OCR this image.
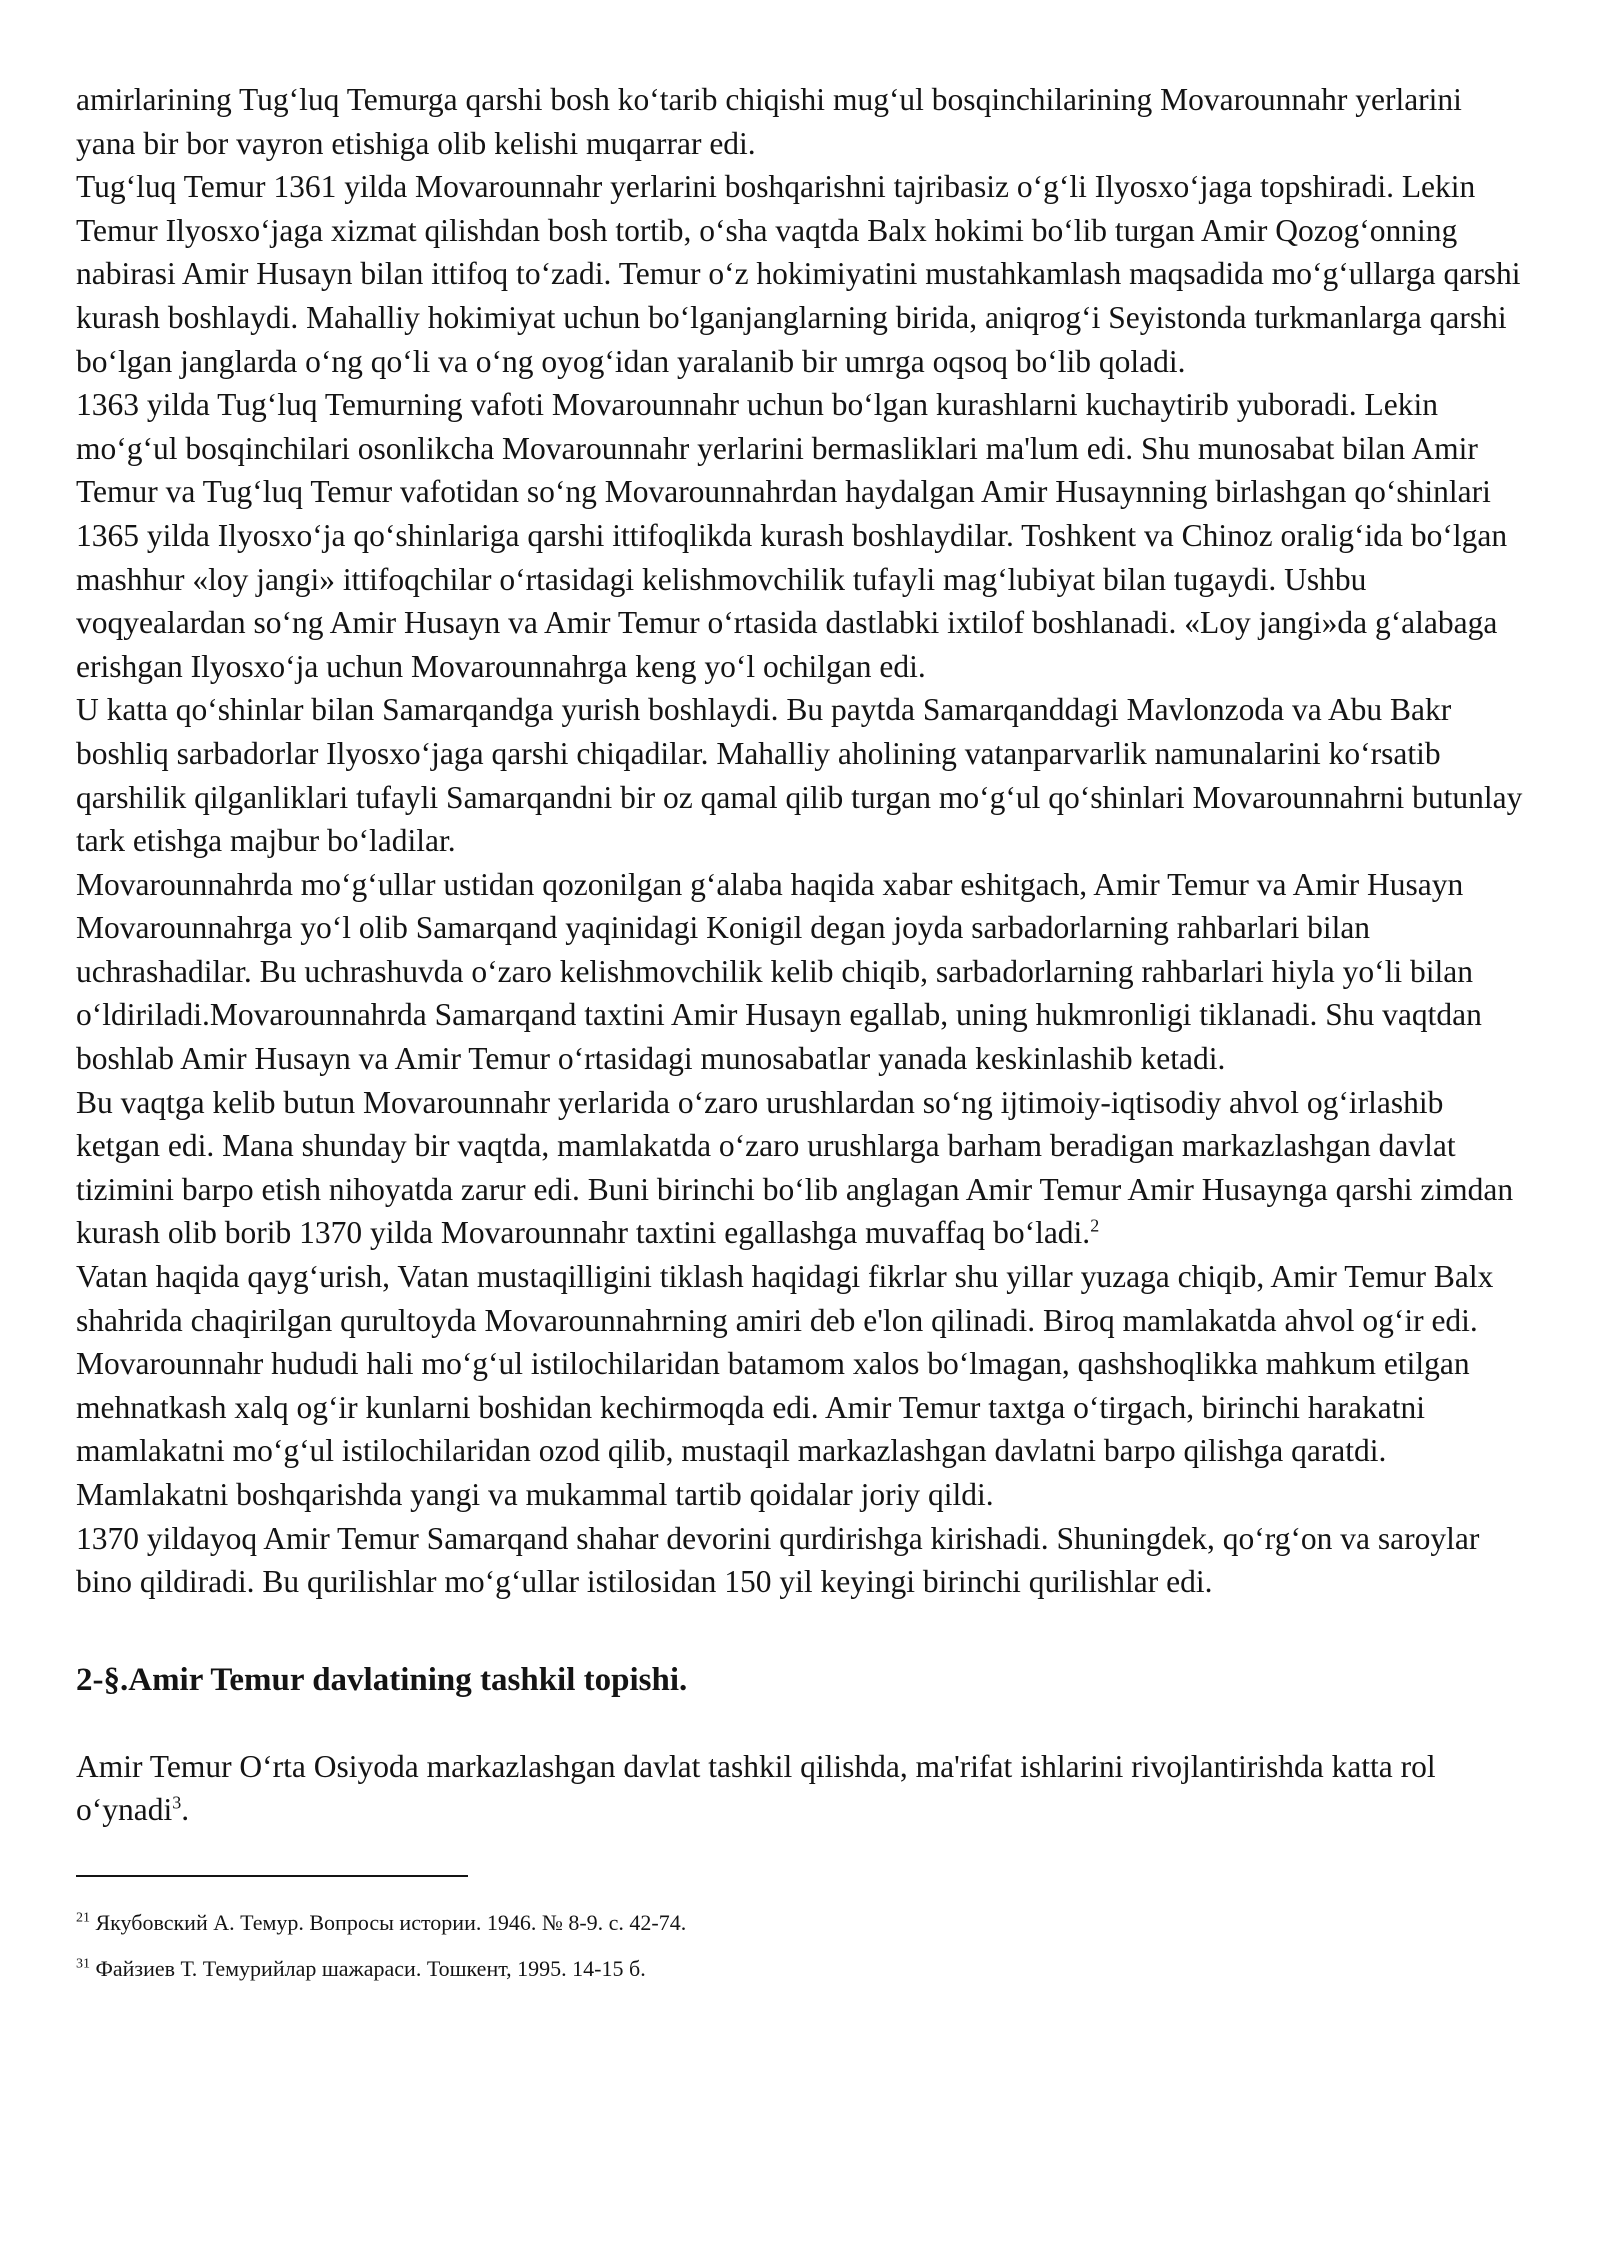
amirlarining Tugʻluq Temurga qarshi bosh koʻtarib chiqishi mugʻul bosqinchilarining Movarounnahr yerlarini yana bir bor vayron etishiga olib kelishi muqarrar edi.

Tugʻluq Temur 1361 yilda Movarounnahr yerlarini boshqarishni tajribasiz oʻgʻli Ilyosxoʻjaga topshiradi. Lekin Temur Ilyosxoʻjaga xizmat qilishdan bosh tortib, oʻsha vaqtda Balx hokimi boʻlib turgan Amir Qozogʻonning nabirasi Amir Husayn bilan ittifoq toʻzadi. Temur oʻz hokimiyatini mustahkamlash maqsadida moʻgʻullarga qarshi kurash boshlaydi. Mahalliy hokimiyat uchun boʻlganjanglarning birida, aniqrogʻi Seyistonda turkmanlarga qarshi boʻlgan janglarda oʻng qoʻli va oʻng oyogʻidan yaralanib bir umrga oqsoq boʻlib qoladi.

1363 yilda Tugʻluq Temurning vafoti Movarounnahr uchun boʻlgan kurashlarni kuchaytirib yuboradi. Lekin moʻgʻul bosqinchilari osonlikcha Movarounnahr yerlarini bermasliklari ma'lum edi. Shu munosabat bilan Amir Temur va Tugʻluq Temur vafotidan soʻng Movarounnahrdan haydalgan Amir Husaynning birlashgan qoʻshinlari 1365 yilda Ilyosxoʻja qoʻshinlariga qarshi ittifoqlikda kurash boshlaydilar. Toshkent va Chinoz oraligʻida boʻlgan mashhur «loy jangi» ittifoqchilar oʻrtasidagi kelishmovchilik tufayli magʻlubiyat bilan tugaydi. Ushbu voqyealardan soʻng Amir Husayn va Amir Temur oʻrtasida dastlabki ixtilof boshlanadi. «Loy jangi»da gʻalabaga erishgan Ilyosxoʻja uchun Movarounnahrga keng yoʻl ochilgan edi.

U katta qoʻshinlar bilan Samarqandga yurish boshlaydi. Bu paytda Samarqanddagi Mavlonzoda va Abu Bakr boshliq sarbadorlar Ilyosxoʻjaga qarshi chiqadilar. Mahalliy aholining vatanparvarlik namunalarini koʻrsatib qarshilik qilganliklari tufayli Samarqandni bir oz qamal qilib turgan moʻgʻul qoʻshinlari Movarounnahrni butunlay tark etishga majbur boʻladilar.

Movarounnahrda moʻgʻullar ustidan qozonilgan gʻalaba haqida xabar eshitgach, Amir Temur va Amir Husayn Movarounnahrga yoʻl olib Samarqand yaqinidagi Konigil degan joyda sarbadorlarning rahbarlari bilan uchrashadilar. Bu uchrashuvda oʻzaro kelishmovchilik kelib chiqib, sarbadorlarning rahbarlari hiyla yoʻli bilan oʻldiriladi.Movarounnahrda Samarqand taxtini Amir Husayn egallab, uning hukmronligi tiklanadi. Shu vaqtdan boshlab Amir Husayn va Amir Temur oʻrtasidagi munosabatlar yanada keskinlashib ketadi.

Bu vaqtga kelib butun Movarounnahr yerlarida oʻzaro urushlardan soʻng ijtimoiy-iqtisodiy ahvol ogʻirlashib ketgan edi. Mana shunday bir vaqtda, mamlakatda oʻzaro urushlarga barham beradigan markazlashgan davlat tizimini barpo etish nihoyatda zarur edi. Buni birinchi boʻlib anglagan Amir Temur Amir Husaynga qarshi zimdan kurash olib borib 1370 yilda Movarounnahr taxtini egallashga muvaffaq boʻladi.$^2$

Vatan haqida qaygʻurish, Vatan mustaqilligini tiklash haqidagi fikrlar shu yillar yuzaga chiqib, Amir Temur Balx shahrida chaqirilgan qurultoyda Movarounnahrning amiri deb e'lon qilinadi. Biroq mamlakatda ahvol ogʻir edi. Movarounnahr hududi hali moʻgʻul istilochilaridan batamom xalos boʻlmagan, qashshoqlikka mahkum etilgan mehnatkash xalq ogʻir kunlarni boshidan kechirmoqda edi. Amir Temur taxtga oʻtirgach, birinchi harakatni mamlakatni moʻgʻul istilochilaridan ozod qilib, mustaqil markazlashgan davlatni barpo qilishga qaratdi. Mamlakatni boshqarishda yangi va mukammal tartib qoidalar joriy qildi.

1370 yildayoq Amir Temur Samarqand shahar devorini qurdirishga kirishadi. Shuningdek, qoʻrgʻon va saroylar bino qildiradi. Bu qurilishlar moʻgʻullar istilosidan 150 yil keyingi birinchi qurilishlar edi.

2-§.Amir Temur davlatining tashkil topishi.

Amir Temur Oʻrta Osiyoda markazlashgan davlat tashkil qilishda, ma'rifat ishlarini rivojlantirishda katta rol oʻynadi$^3$.

$^{21}$ Якубовский А. Темур. Вопросы истории. 1946. № 8-9. с. 42-74.

$^{31}$ Файзиев Т. Темурийлар шажараси. Тошкент, 1995. 14-15 б.
